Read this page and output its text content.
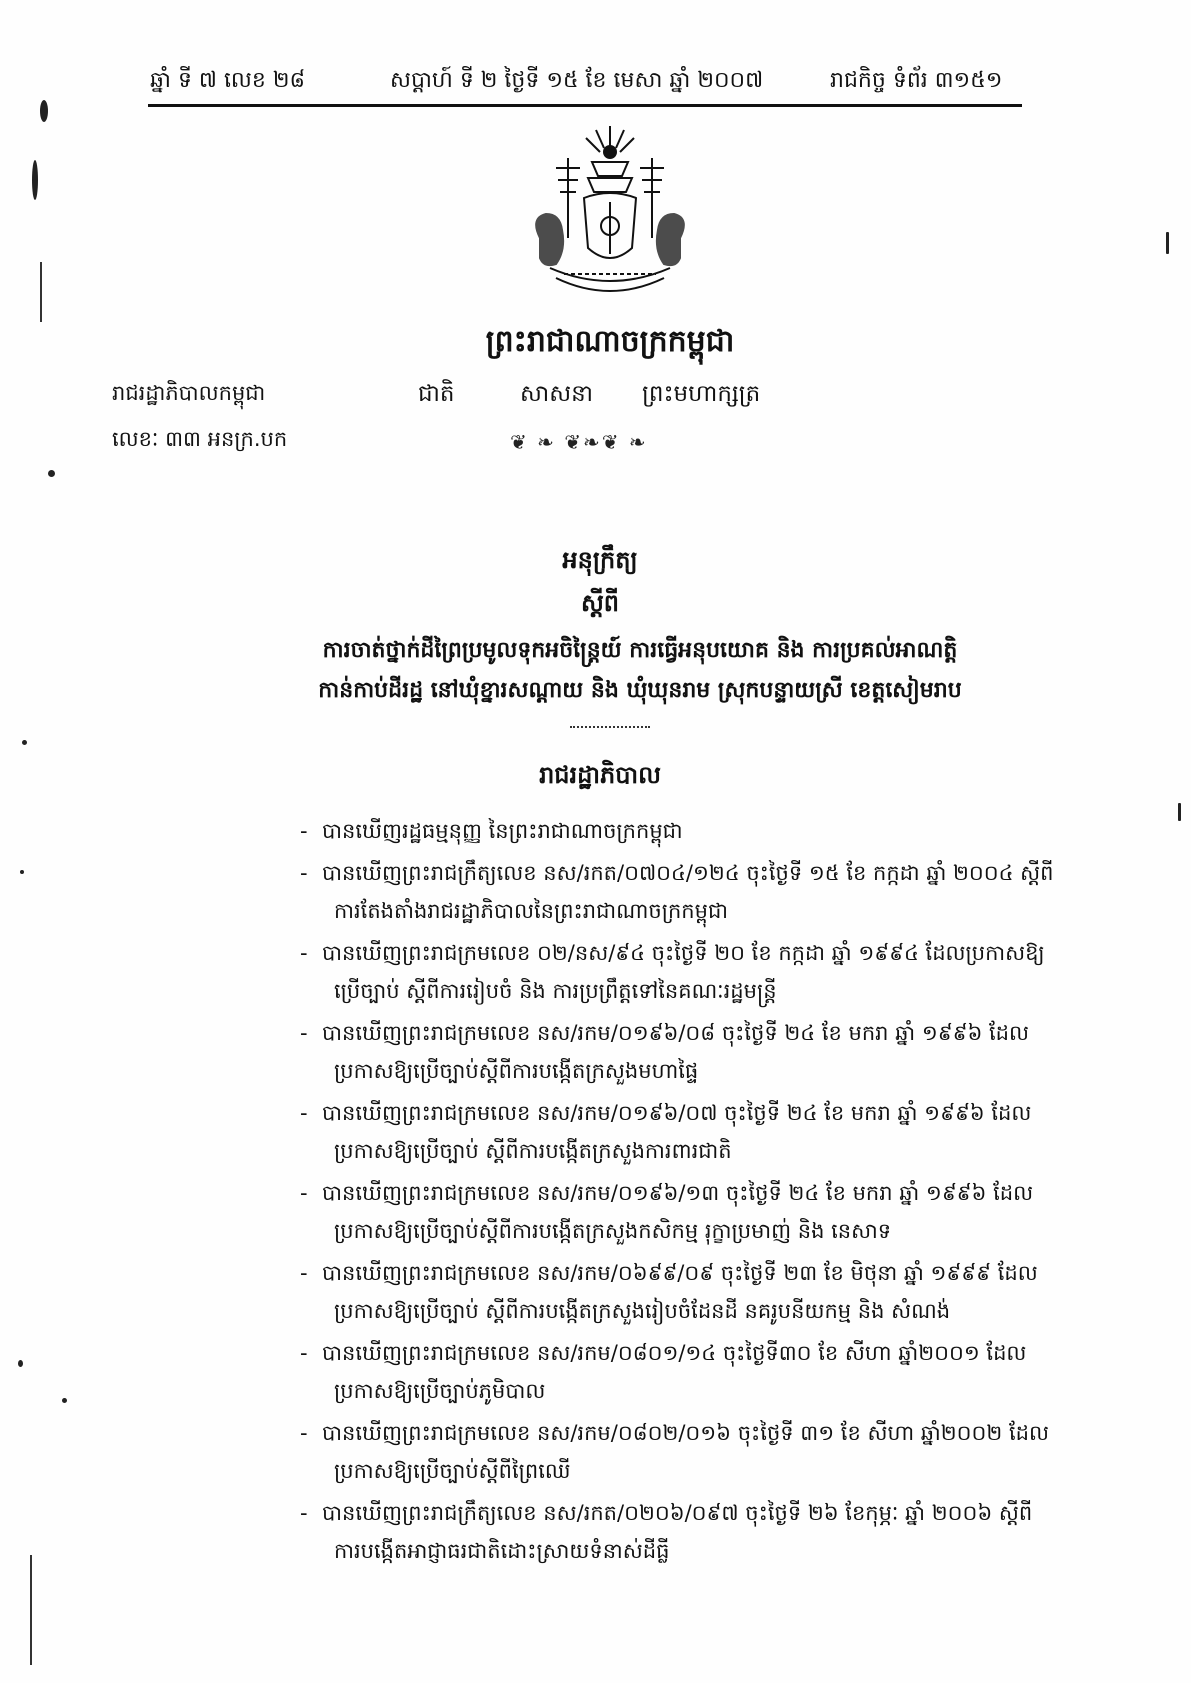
ឆ្នាំ ទី ៧ លេខ ២៨	សប្តាហ៍ ទី ២ ថ្ងៃទី ១៥ ខែ មេសា ឆ្នាំ ២០០៧	រាជកិច្ច ទំព័រ ៣១៥១
ព្រះរាជាណាចក្រកម្ពុជា
រាជរដ្ឋាភិបាលកម្ពុជា
លេខៈ ៣៣ អនក្រ.បក
ជាតិ	សាសនា ព្រះមហាក្សត្រ
❦ ❧ ❦❧❦ ❧
អនុក្រឹត្យ
ស្តីពី
ការចាត់ថ្នាក់ដីព្រៃប្រមូលទុកអចិន្ត្រៃយ៍ ការធ្វើអនុបយោគ និង ការប្រគល់អាណត្តិ
កាន់កាប់ដីរដ្ឋ នៅឃុំខ្នារសណ្តាយ និង ឃុំឃុនរាម ស្រុកបន្ទាយស្រី ខេត្តសៀមរាប
រាជរដ្ឋាភិបាល
- បានឃើញរដ្ឋធម្មនុញ្ញ នៃព្រះរាជាណាចក្រកម្ពុជា
- បានឃើញព្រះរាជក្រឹត្យលេខ នស/រកត/០៧០៤/១២៤ ចុះថ្ងៃទី ១៥ ខែ កក្កដា ឆ្នាំ ២០០៤ ស្តីពី
ការតែងតាំងរាជរដ្ឋាភិបាលនៃព្រះរាជាណាចក្រកម្ពុជា
- បានឃើញព្រះរាជក្រមលេខ ០២/នស/៩៤ ចុះថ្ងៃទី ២០ ខែ កក្កដា ឆ្នាំ ១៩៩៤ ដែលប្រកាសឱ្យ
ប្រើច្បាប់ ស្តីពីការរៀបចំ និង ការប្រព្រឹត្តទៅនៃគណៈរដ្ឋមន្ត្រី
- បានឃើញព្រះរាជក្រមលេខ នស/រកម/០១៩៦/០៨ ចុះថ្ងៃទី ២៤ ខែ មករា ឆ្នាំ ១៩៩៦ ដែល
ប្រកាសឱ្យប្រើច្បាប់ស្តីពីការបង្កើតក្រសួងមហាផ្ទៃ
- បានឃើញព្រះរាជក្រមលេខ នស/រកម/០១៩៦/០៧ ចុះថ្ងៃទី ២៤ ខែ មករា ឆ្នាំ ១៩៩៦ ដែល
ប្រកាសឱ្យប្រើច្បាប់ ស្តីពីការបង្កើតក្រសួងការពារជាតិ
- បានឃើញព្រះរាជក្រមលេខ នស/រកម/០១៩៦/១៣ ចុះថ្ងៃទី ២៤ ខែ មករា ឆ្នាំ ១៩៩៦ ដែល
ប្រកាសឱ្យប្រើច្បាប់ស្តីពីការបង្កើតក្រសួងកសិកម្ម រុក្ខាប្រមាញ់ និង នេសាទ
- បានឃើញព្រះរាជក្រមលេខ នស/រកម/០៦៩៩/០៩ ចុះថ្ងៃទី ២៣ ខែ មិថុនា ឆ្នាំ ១៩៩៩ ដែល
ប្រកាសឱ្យប្រើច្បាប់ ស្តីពីការបង្កើតក្រសួងរៀបចំដែនដី នគរូបនីយកម្ម និង សំណង់
- បានឃើញព្រះរាជក្រមលេខ នស/រកម/០៨០១/១៤ ចុះថ្ងៃទី៣០ ខែ សីហា ឆ្នាំ២០០១ ដែល
ប្រកាសឱ្យប្រើច្បាប់ភូមិបាល
- បានឃើញព្រះរាជក្រមលេខ នស/រកម/០៨០២/០១៦ ចុះថ្ងៃទី ៣១ ខែ សីហា ឆ្នាំ២០០២ ដែល
ប្រកាសឱ្យប្រើច្បាប់ស្តីពីព្រៃឈើ
- បានឃើញព្រះរាជក្រឹត្យលេខ នស/រកត/០២០៦/០៩៧ ចុះថ្ងៃទី ២៦ ខែកុម្ភៈ ឆ្នាំ ២០០៦ ស្តីពី
ការបង្កើតអាជ្ញាធរជាតិដោះស្រាយទំនាស់ដីធ្លី
